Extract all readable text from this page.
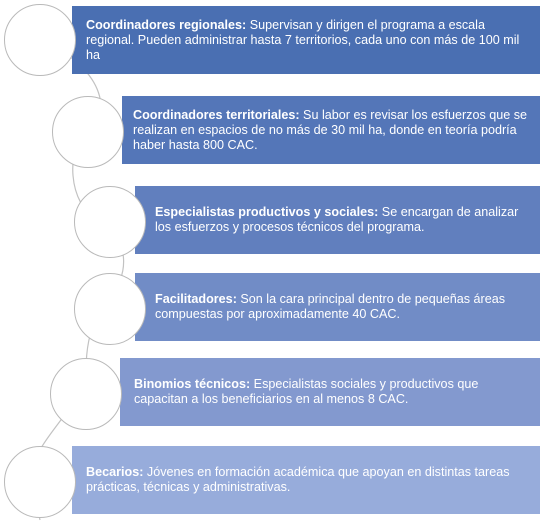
Coordinadores regionales: Supervisan y dirigen el programa a escala regional. Pueden administrar hasta 7 territorios, cada uno con más de 100 mil ha
Coordinadores territoriales: Su labor es revisar los esfuerzos que se realizan en espacios de no más de 30 mil ha, donde en teoría podría haber hasta 800 CAC.
Especialistas productivos y sociales: Se encargan de analizar los esfuerzos y procesos técnicos del programa.
Facilitadores: Son la cara principal dentro de pequeñas áreas compuestas por aproximadamente 40 CAC.
Binomios técnicos: Especialistas sociales y productivos que capacitan a los beneficiarios en al menos 8 CAC.
Becarios: Jóvenes en formación académica que apoyan en distintas tareas prácticas, técnicas y administrativas.
